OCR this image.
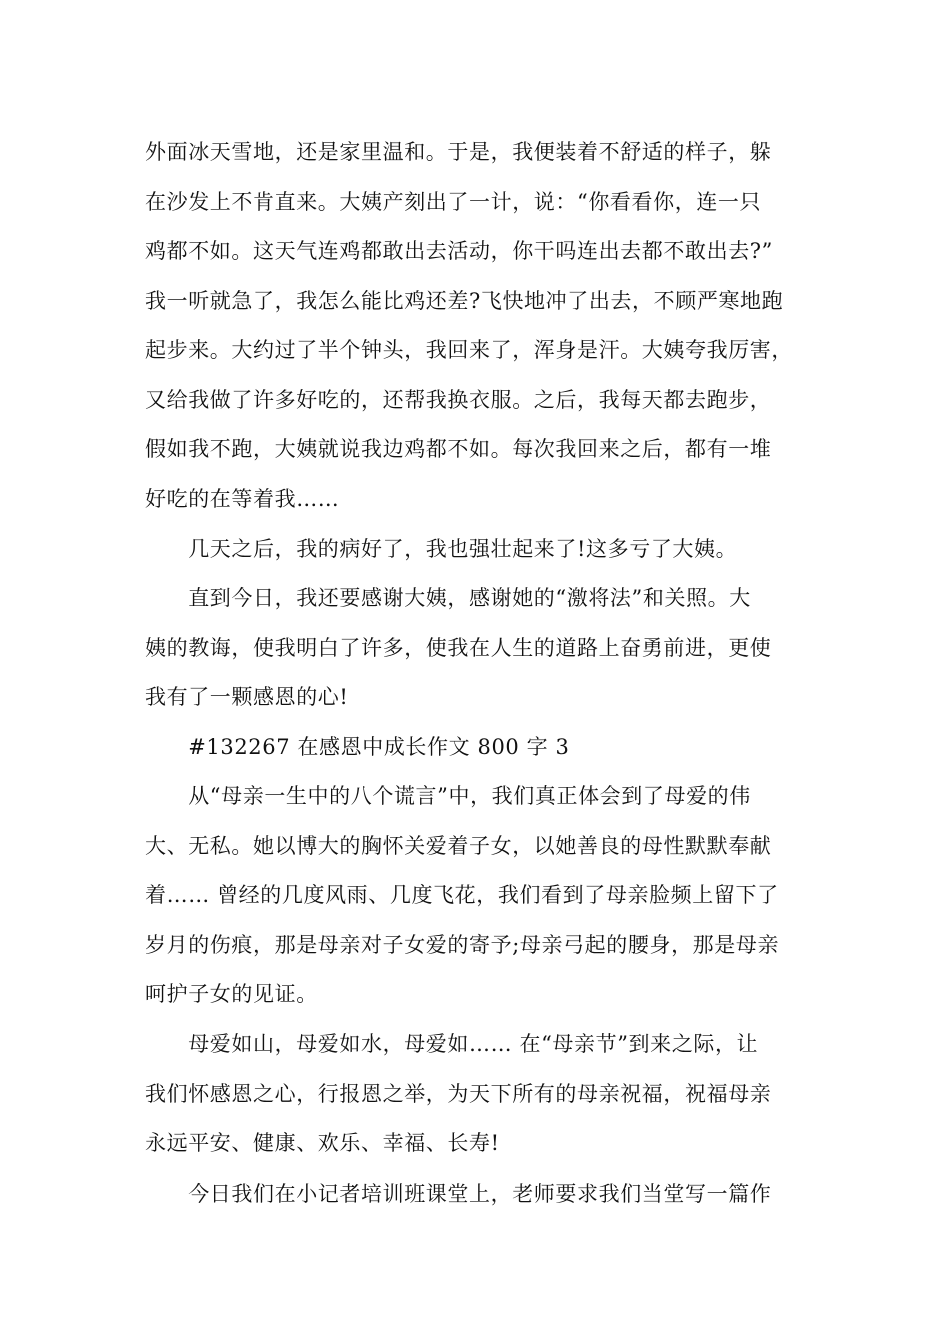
外面冰天雪地，还是家里温和。于是，我便装着不舒适的样子，躲
在沙发上不肯直来。大姨产刻出了一计，说：“你看看你，连一只
鸡都不如。这天气连鸡都敢出去活动，你干吗连出去都不敢出去?”
我一听就急了，我怎么能比鸡还差?飞快地冲了出去，不顾严寒地跑
起步来。大约过了半个钟头，我回来了，浑身是汗。大姨夸我厉害，
又给我做了许多好吃的，还帮我换衣服。之后，我每天都去跑步，
假如我不跑，大姨就说我边鸡都不如。每次我回来之后，都有一堆
好吃的在等着我……
　　几天之后，我的病好了，我也强壮起来了!这多亏了大姨。
　　直到今日，我还要感谢大姨，感谢她的“激将法”和关照。大
姨的教诲，使我明白了许多，使我在人生的道路上奋勇前进，更使
我有了一颗感恩的心!
　　#132267 在感恩中成长作文 800 字 3
　　从“母亲一生中的八个谎言”中，我们真正体会到了母爱的伟
大、无私。她以博大的胸怀关爱着子女，以她善良的母性默默奉献
着…… 曾经的几度风雨、几度飞花，我们看到了母亲脸频上留下了
岁月的伤痕，那是母亲对子女爱的寄予;母亲弓起的腰身，那是母亲
呵护子女的见证。
　　母爱如山，母爱如水，母爱如…… 在“母亲节”到来之际，让
我们怀感恩之心，行报恩之举，为天下所有的母亲祝福，祝福母亲
永远平安、健康、欢乐、幸福、长寿!
　　今日我们在小记者培训班课堂上，老师要求我们当堂写一篇作
